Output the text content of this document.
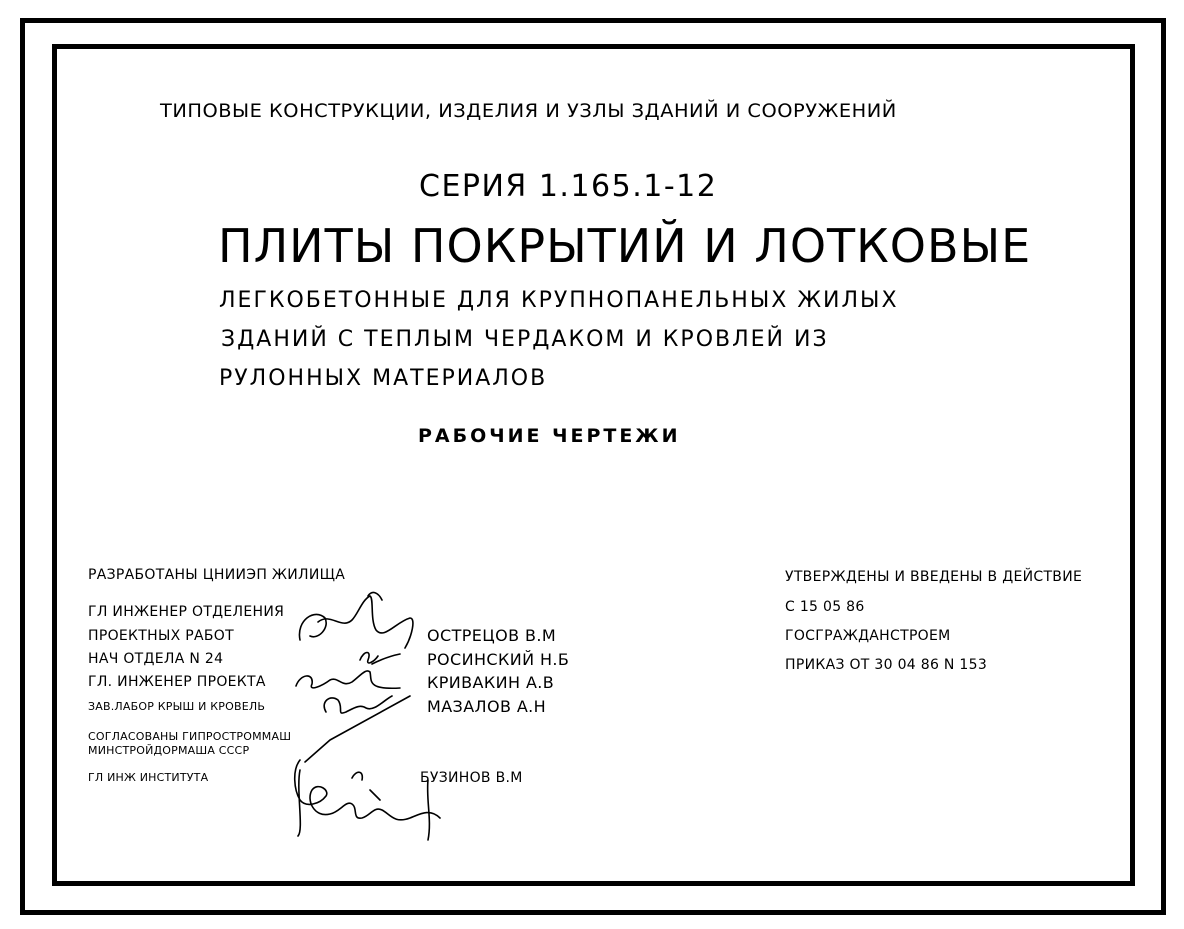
ТИПОВЫЕ КОНСТРУКЦИИ, ИЗДЕЛИЯ И УЗЛЫ ЗДАНИЙ И СООРУЖЕНИЙ
СЕРИЯ 1.165.1-12
ПЛИТЫ ПОКРЫТИЙ И ЛОТКОВЫЕ
ЛЕГКОБЕТОННЫЕ ДЛЯ КРУПНОПАНЕЛЬНЫХ ЖИЛЫХ
ЗДАНИЙ С ТЕПЛЫМ ЧЕРДАКОМ И КРОВЛЕЙ ИЗ
РУЛОННЫХ МАТЕРИАЛОВ
РАБОЧИЕ ЧЕРТЕЖИ
РАЗРАБОТАНЫ ЦНИИЭП ЖИЛИЩА
ГЛ ИНЖЕНЕР ОТДЕЛЕНИЯ
ПРОЕКТНЫХ РАБОТ
НАЧ ОТДЕЛА N 24
ГЛ. ИНЖЕНЕР ПРОЕКТА
ЗАВ.ЛАБОР КРЫШ И КРОВЕЛЬ
ОСТРЕЦОВ В.М
РОСИНСКИЙ Н.Б
КРИВАКИН А.В
МАЗАЛОВ А.Н
СОГЛАСОВАНЫ ГИПРОСТРОММАШ
МИНСТРОЙДОРМАША СССР
ГЛ ИНЖ ИНСТИТУТА	БУЗИНОВ В.М
УТВЕРЖДЕНЫ И ВВЕДЕНЫ В ДЕЙСТВИЕ
С 15 05 86
ГОСГРАЖДАНСТРОЕМ
ПРИКАЗ ОТ 30 04 86 N 153
